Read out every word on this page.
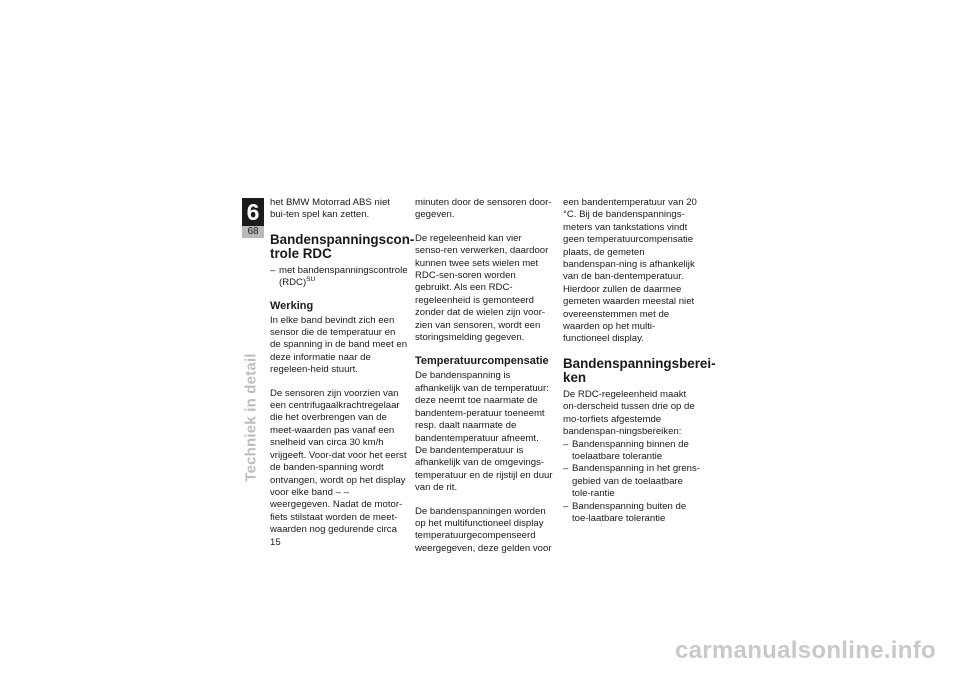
6
68
Techniek in detail

het BMW Motorrad ABS niet bui-ten spel kan zetten.

Bandenspanningscon-trole RDC
– met bandenspanningscontrole (RDC)$^{SU}$
Werking

In elke band bevindt zich een sensor die de temperatuur en de spanning in de band meet en deze informatie naar de regeleen-heid stuurt.

De sensoren zijn voorzien van een centrifugaalkrachtregelaar die het overbrengen van de meet-waarden pas vanaf een snelheid van circa 30 km/h vrijgeeft. Voor-dat voor het eerst de banden-spanning wordt ontvangen, wordt op het display voor elke band – – weergegeven. Nadat de motor-fiets stilstaat worden de meet-waarden nog gedurende circa 15

minuten door de sensoren door-gegeven.

De regeleenheid kan vier senso-ren verwerken, daardoor kunnen twee sets wielen met RDC-sen-soren worden gebruikt. Als een RDC-regeleenheid is gemonteerd zonder dat de wielen zijn voor-zien van sensoren, wordt een storingsmelding gegeven.

Temperatuurcompensatie

De bandenspanning is afhankelijk van de temperatuur: deze neemt toe naarmate de bandentem-peratuur toeneemt resp. daalt naarmate de bandentemperatuur afneemt. De bandentemperatuur is afhankelijk van de omgevings-temperatuur en de rijstijl en duur van de rit.

De bandenspanningen worden op het multifunctioneel display temperatuurgecompenseerd weergegeven, deze gelden voor

een bandentemperatuur van 20 °C. Bij de bandenspannings-meters van tankstations vindt geen temperatuurcompensatie plaats, de gemeten bandenspan-ning is afhankelijk van de ban-dentemperatuur. Hierdoor zullen de daarmee gemeten waarden meestal niet overeenstemmen met de waarden op het multi-functioneel display.

Bandenspanningsberei-ken

De RDC-regeleenheid maakt on-derscheid tussen drie op de mo-torfiets afgestemde bandenspan-ningsbereiken:

– Bandenspanning binnen de toelaatbare tolerantie
– Bandenspanning in het grens-gebied van de toelaatbare tole-rantie
– Bandenspanning buiten de toe-laatbare tolerantie
carmanualsonline.info
